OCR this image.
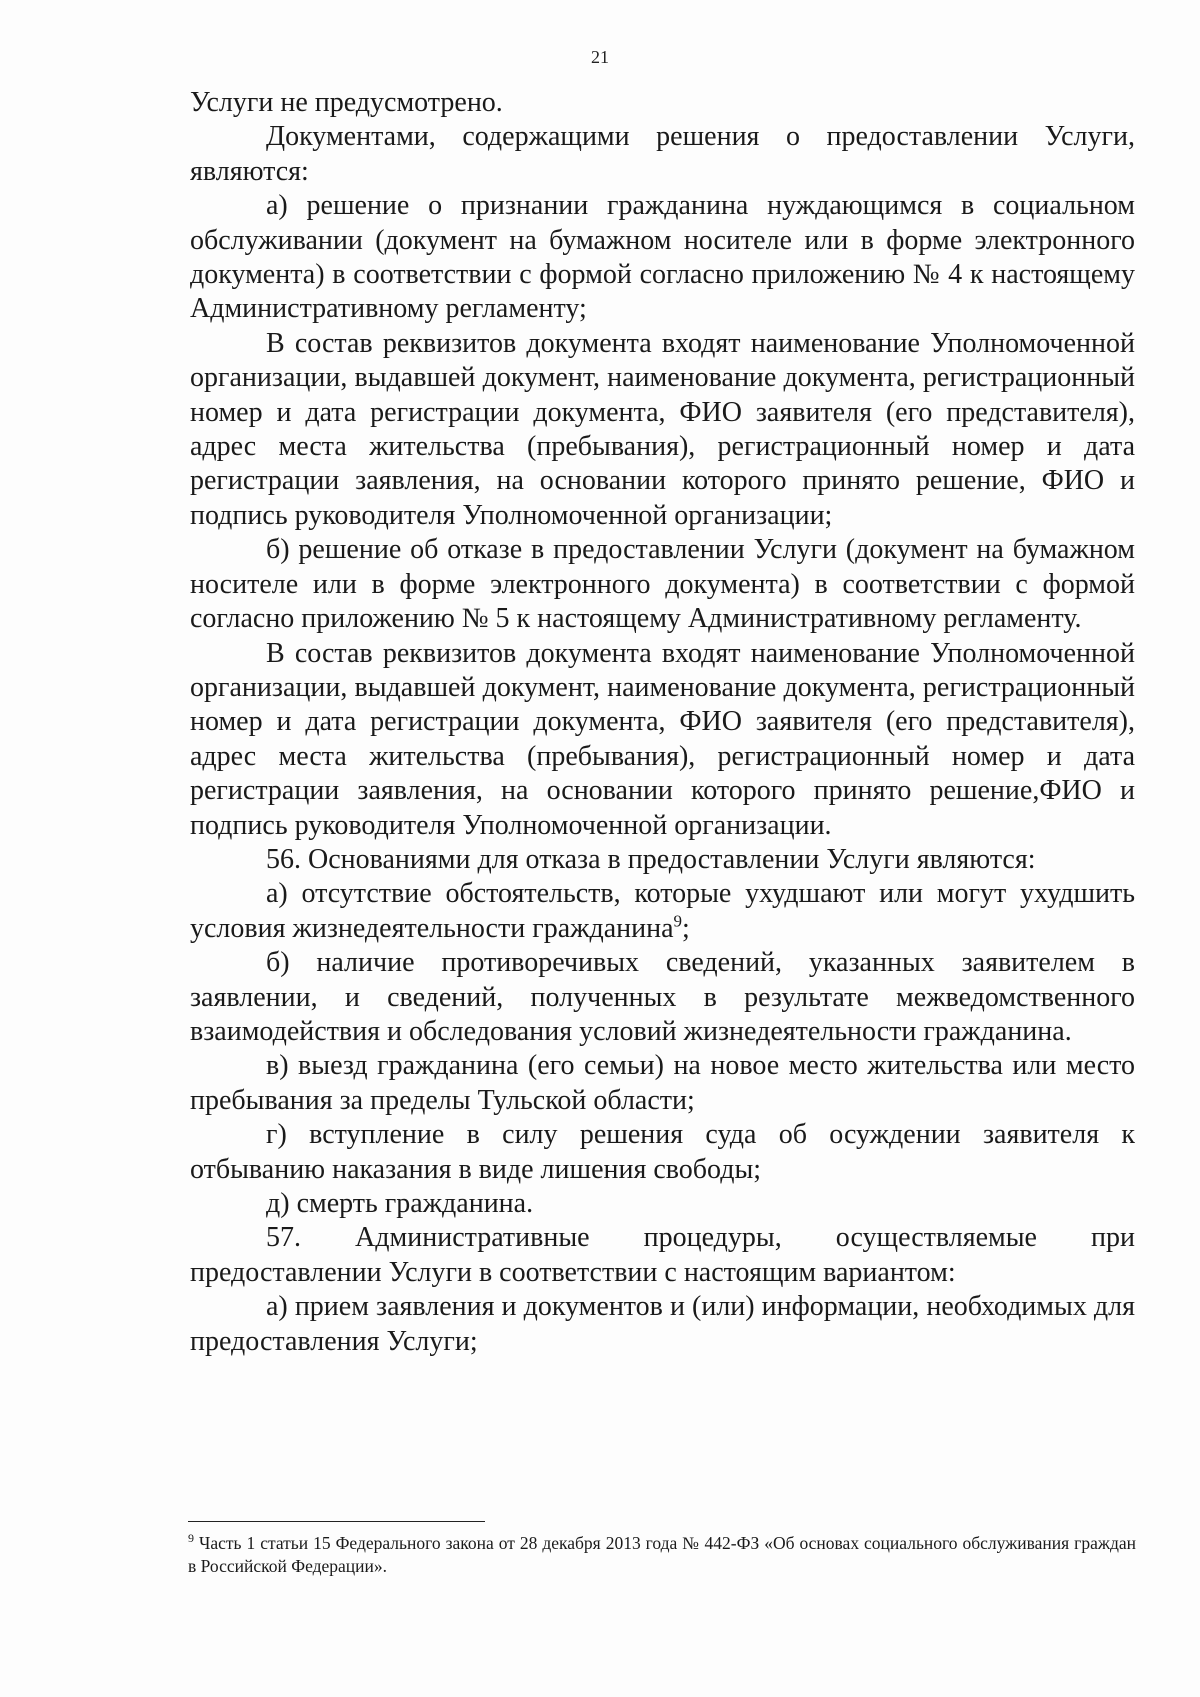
21

Услуги не предусмотрено.

Документами, содержащими решения о предоставлении Услуги, являются:

а) решение о признании гражданина нуждающимся в социальном обслуживании (документ на бумажном носителе или в форме электронного документа) в соответствии с формой согласно приложению № 4 к настоящему Административному регламенту;

В состав реквизитов документа входят наименование Уполномоченной организации, выдавшей документ, наименование документа, регистрационный номер и дата регистрации документа, ФИО заявителя (его представителя), адрес места жительства (пребывания), регистрационный номер и дата регистрации заявления, на основании которого принято решение, ФИО и подпись руководителя Уполномоченной организации;

б) решение об отказе в предоставлении Услуги (документ на бумажном носителе или в форме электронного документа) в соответствии с формой согласно приложению № 5 к настоящему Административному регламенту.

В состав реквизитов документа входят наименование Уполномоченной организации, выдавшей документ, наименование документа, регистрационный номер и дата регистрации документа, ФИО заявителя (его представителя), адрес места жительства (пребывания), регистрационный номер и дата регистрации заявления, на основании которого принято решение,ФИО и подпись руководителя Уполномоченной организации.

56. Основаниями для отказа в предоставлении Услуги являются:

а) отсутствие обстоятельств, которые ухудшают или могут ухудшить условия жизнедеятельности гражданина$^9$;

б) наличие противоречивых сведений, указанных заявителем в заявлении, и сведений, полученных в результате межведомственного взаимодействия и обследования условий жизнедеятельности гражданина.

в) выезд гражданина (его семьи) на новое место жительства или место пребывания за пределы Тульской области;

г) вступление в силу решения суда об осуждении заявителя к отбыванию наказания в виде лишения свободы;

д) смерть гражданина.

57. Административные процедуры, осуществляемые при предоставлении Услуги в соответствии с настоящим вариантом:

а) прием заявления и документов и (или) информации, необходимых для предоставления Услуги;

$^9$ Часть 1 статьи 15 Федерального закона от 28 декабря 2013 года № 442-ФЗ «Об основах социального обслуживания граждан в Российской Федерации».
